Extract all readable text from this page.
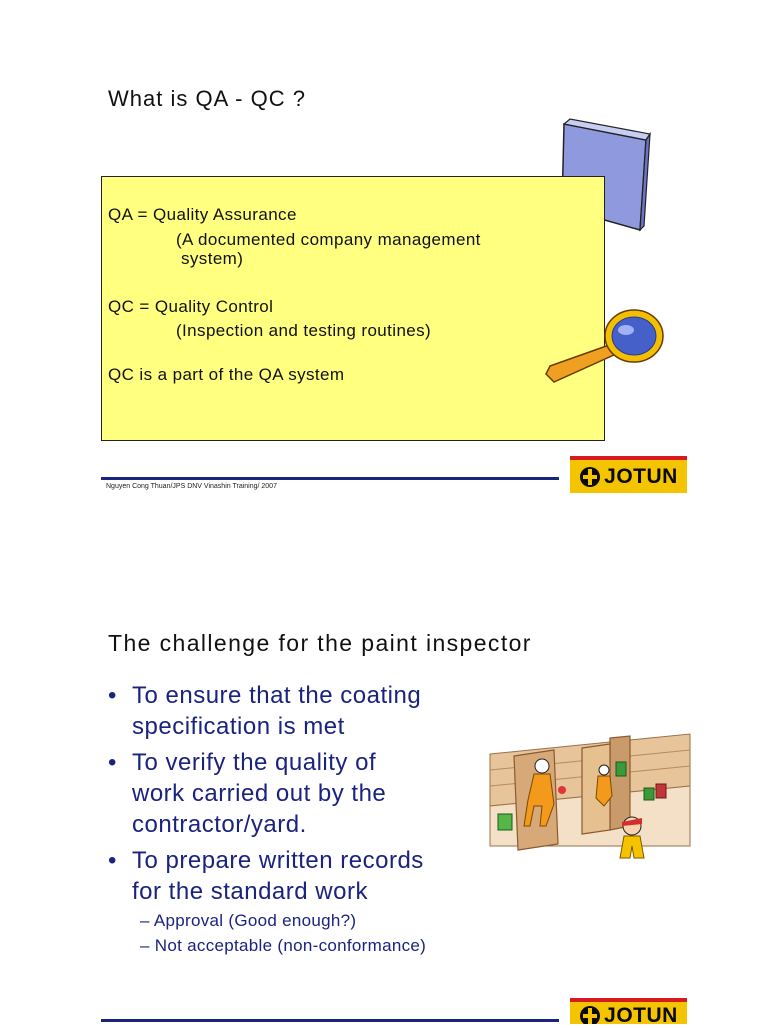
What is QA - QC ?
QA = Quality Assurance
(A documented company management
system)
QC = Quality Control
(Inspection and testing routines)
QC is a part of the QA system
Nguyen Cong Thuan/JPS DNV Vinashin Training/ 2007	JOTUN
The challenge for the paint inspector
• To ensure that the coating
specification is met
• To verify the quality of
work carried out by the
contractor/yard.
• To prepare written records
for the standard work
– Approval (Good enough?)
– Not acceptable (non-conformance)
JOTUN
